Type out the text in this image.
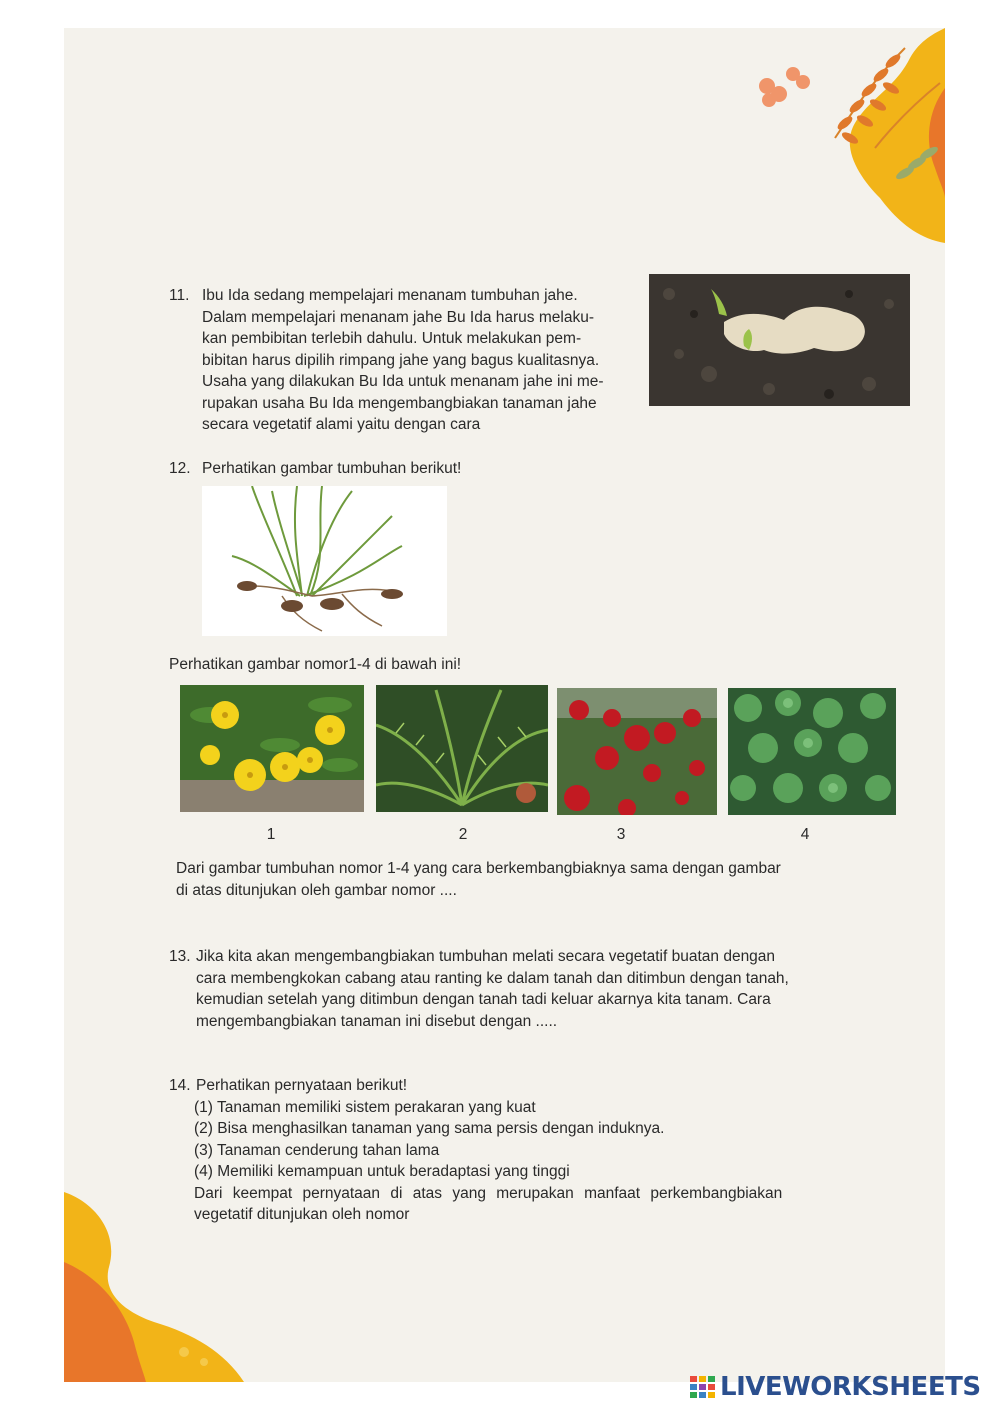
11. Ibu Ida sedang mempelajari menanam tumbuhan jahe.
Dalam mempelajari menanam jahe Bu Ida harus melaku-
kan pembibitan terlebih dahulu. Untuk melakukan pem-
bibitan harus dipilih rimpang jahe yang bagus kualitasnya.
Usaha yang dilakukan Bu Ida untuk menanam jahe ini me-
rupakan usaha Bu Ida mengembangbiakan tanaman jahe
secara vegetatif alami yaitu dengan cara
12. Perhatikan gambar tumbuhan berikut!
Perhatikan gambar nomor1-4 di bawah ini!
1	2	3	4
Dari gambar tumbuhan nomor 1-4 yang cara berkembangbiaknya sama dengan gambar
di atas ditunjukan oleh gambar nomor ....
13. Jika kita akan mengembangbiakan tumbuhan melati secara vegetatif buatan dengan
cara membengkokan cabang atau ranting ke dalam tanah dan ditimbun dengan tanah,
kemudian setelah yang ditimbun dengan tanah tadi keluar akarnya kita tanam. Cara
mengembangbiakan tanaman ini disebut dengan .....
14. Perhatikan pernyataan berikut!
(1) Tanaman memiliki sistem perakaran yang kuat
(2) Bisa menghasilkan tanaman yang sama persis dengan induknya.
(3) Tanaman cenderung tahan lama
(4) Memiliki kemampuan untuk beradaptasi yang tinggi
Dari keempat pernyataan di atas yang merupakan manfaat perkembangbiakan
vegetatif ditunjukan oleh nomor
LIVEWORKSHEETS
